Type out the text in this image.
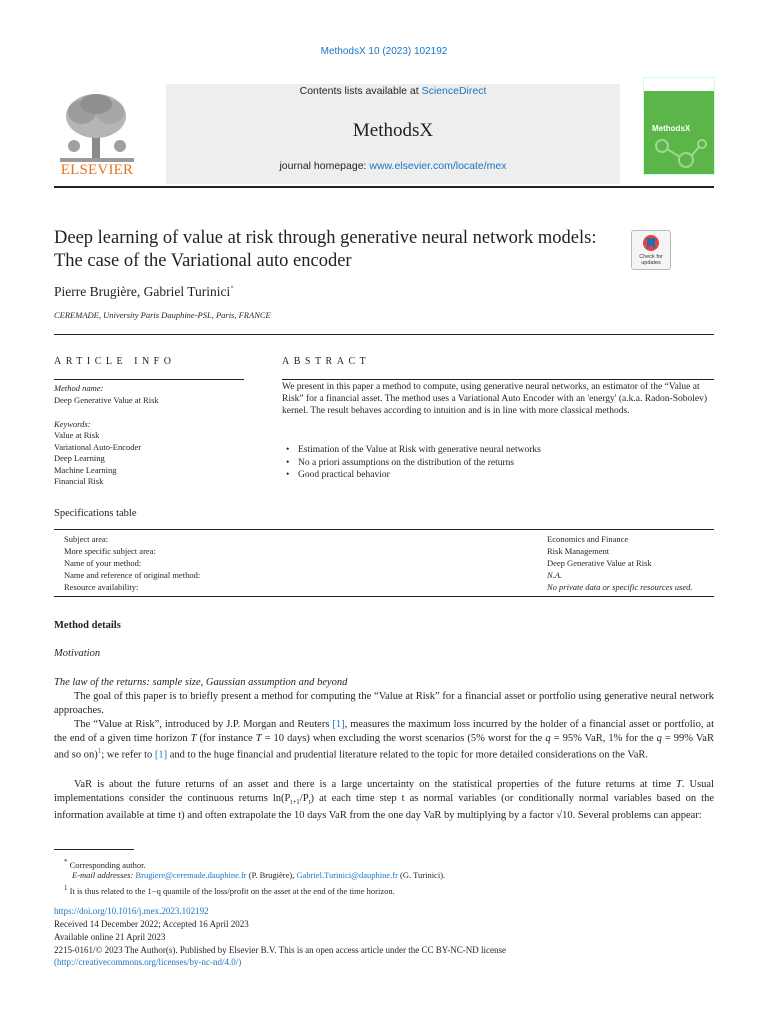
MethodsX 10 (2023) 102192
ELSEVIER
Contents lists available at ScienceDirect
MethodsX
journal homepage: www.elsevier.com/locate/mex
MethodsX
Deep learning of value at risk through generative neural network models: The case of the Variational auto encoder	Check for updates
Pierre Brugière, Gabriel Turinici*
CEREMADE, University Paris Dauphine-PSL, Paris, FRANCE
ARTICLE INFO	ABSTRACT
Method name:
Deep Generative Value at Risk
Keywords:
Value at Risk
Variational Auto-Encoder
Deep Learning
Machine Learning
Financial Risk
We present in this paper a method to compute, using generative neural networks, an estimator of the “Value at Risk” for a financial asset. The method uses a Variational Auto Encoder with an 'energy' (a.k.a. Radon-Sobolev) kernel. The result behaves according to intuition and is in line with more classical methods.
• Estimation of the Value at Risk with generative neural networks
• No a priori assumptions on the distribution of the returns
• Good practical behavior
Specifications table
Subject area:
More specific subject area:
Name of your method:
Name and reference of original method:
Resource availability:
Economics and Finance
Risk Management
Deep Generative Value at Risk
N.A.
No private data or specific resources used.
Method details
Motivation
The law of the returns: sample size, Gaussian assumption and beyond

The goal of this paper is to briefly present a method for computing the “Value at Risk” for a financial asset or portfolio using generative neural network approaches.

The “Value at Risk”, introduced by J.P. Morgan and Reuters [1], measures the maximum loss incurred by the holder of a financial asset or portfolio, at the end of a given time horizon T (for instance T = 10 days) when excluding the worst scenarios (5% worst for the q = 95% VaR, 1% for the q = 99% VaR and so on)$^1$; we refer to [1] and to the huge financial and prudential literature related to the topic for more detailed considerations on the VaR.

VaR is about the future returns of an asset and there is a large uncertainty on the statistical properties of the future returns at time T. Usual implementations consider the continuous returns $\ln(P_{t+1}/P_t)$ at each time step t as normal variables (or conditionally normal variables based on the information available at time t) and often extrapolate the 10 days VaR from the one day VaR by multiplying by a factor √10. Several problems can appear:

* Corresponding author.
E-mail addresses: Brugiere@ceremade.dauphine.fr (P. Brugière), Gabriel.Turinici@dauphine.fr (G. Turinici).
$^1$ It is thus related to the 1−q quantile of the loss/profit on the asset at the end of the time horizon.
https://doi.org/10.1016/j.mex.2023.102192
Received 14 December 2022; Accepted 16 April 2023
Available online 21 April 2023
2215-0161/© 2023 The Author(s). Published by Elsevier B.V. This is an open access article under the CC BY-NC-ND license
(http://creativecommons.org/licenses/by-nc-nd/4.0/)
